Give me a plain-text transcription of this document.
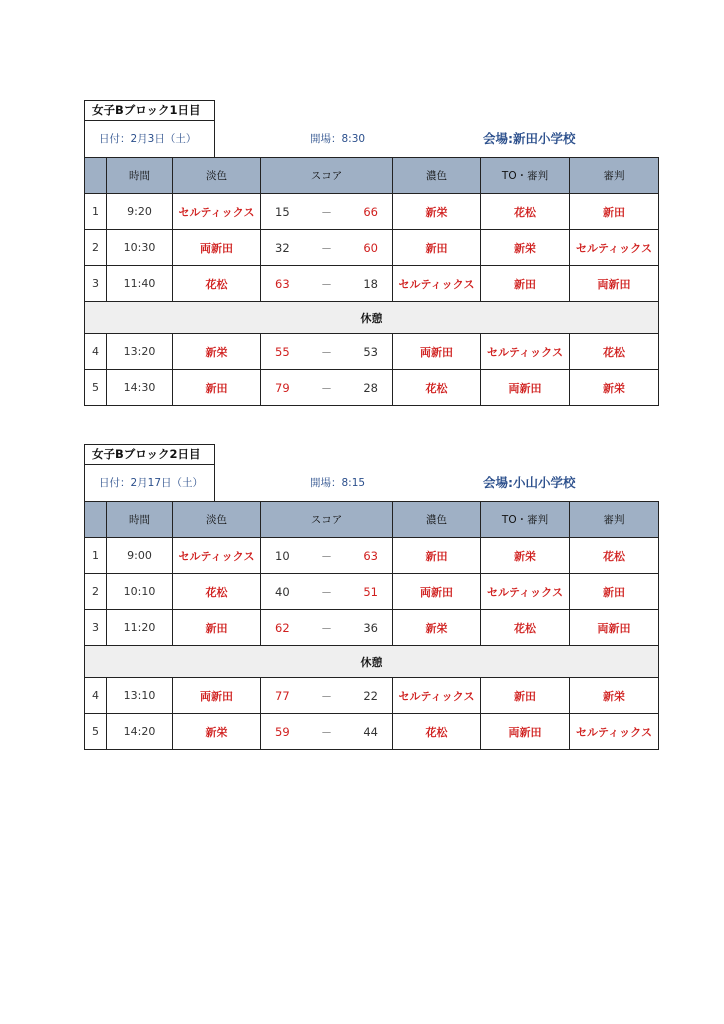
女子Bブロック1日目
日付：2月3日（土）	開場：8:30	会場:新田小学校
	時間	淡色	スコア	濃色	TO・審判	審判
1	9:20	セルティックス	15 － 66	新栄	花松	新田
2	10:30	両新田	32 － 60	新田	新栄	セルティックス
3	11:40	花松	63 － 18	セルティックス	新田	両新田
休憩						
4	13:20	新栄	55 － 53	両新田	セルティックス	花松
5	14:30	新田	79 － 28	花松	両新田	新栄
女子Bブロック2日目
日付：2月17日（土）	開場：8:15	会場:小山小学校
	時間	淡色	スコア	濃色	TO・審判	審判
1	9:00	セルティックス	10 － 63	新田	新栄	花松
2	10:10	花松	40 － 51	両新田	セルティックス	新田
3	11:20	新田	62 － 36	新栄	花松	両新田
休憩						
4	13:10	両新田	77 － 22	セルティックス	新田	新栄
5	14:20	新栄	59 － 44	花松	両新田	セルティックス
